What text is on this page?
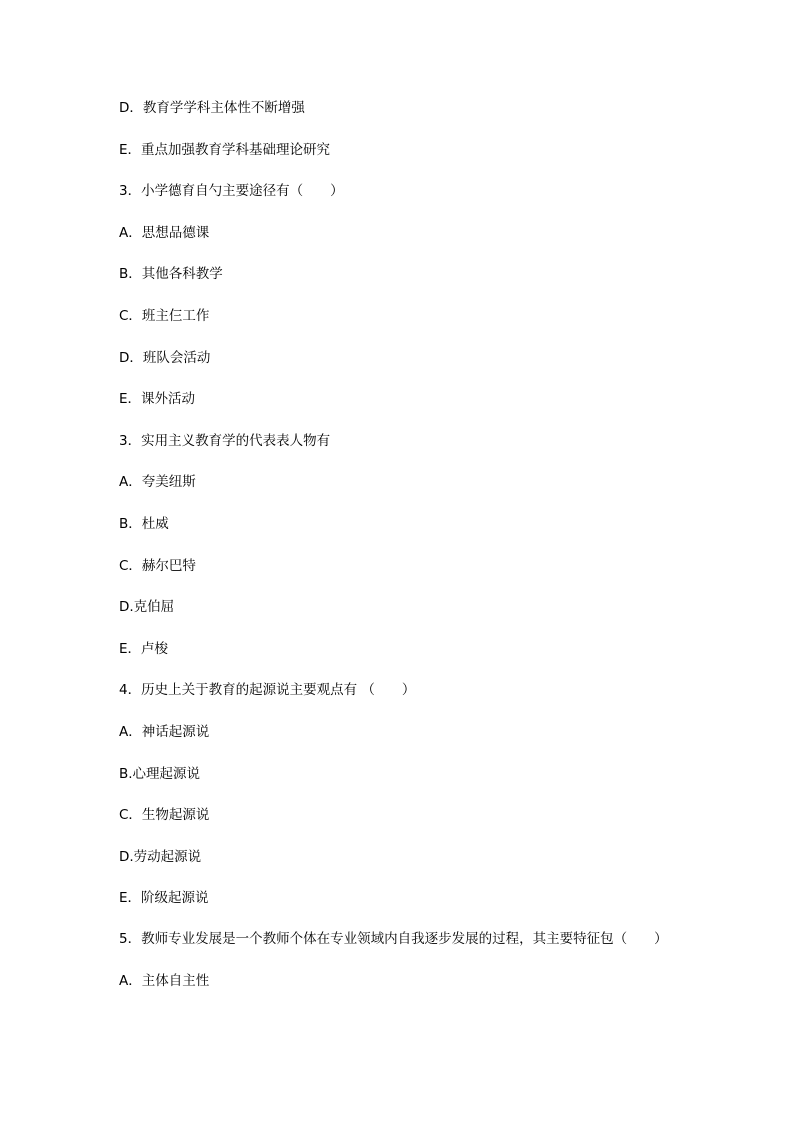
D．教育学学科主体性不断增强
E．重点加强教育学科基础理论研究
3．小学德育自勺主要途径有（　　）
A．思想品德课
B．其他各科教学
C．班主仨工作
D．班队会活动
E．课外活动
3．实用主义教育学的代表表人物有
A．夸美纽斯
B．杜威
C．赫尔巴特
D.克伯屈
E．卢梭
4．历史上关于教育的起源说主要观点有 （　　）
A．神话起源说
B.心理起源说
C．生物起源说
D.劳动起源说
E．阶级起源说
5．教师专业发展是一个教师个体在专业领域内自我逐步发展的过程，其主要特征包（　　）
A．主体自主性
